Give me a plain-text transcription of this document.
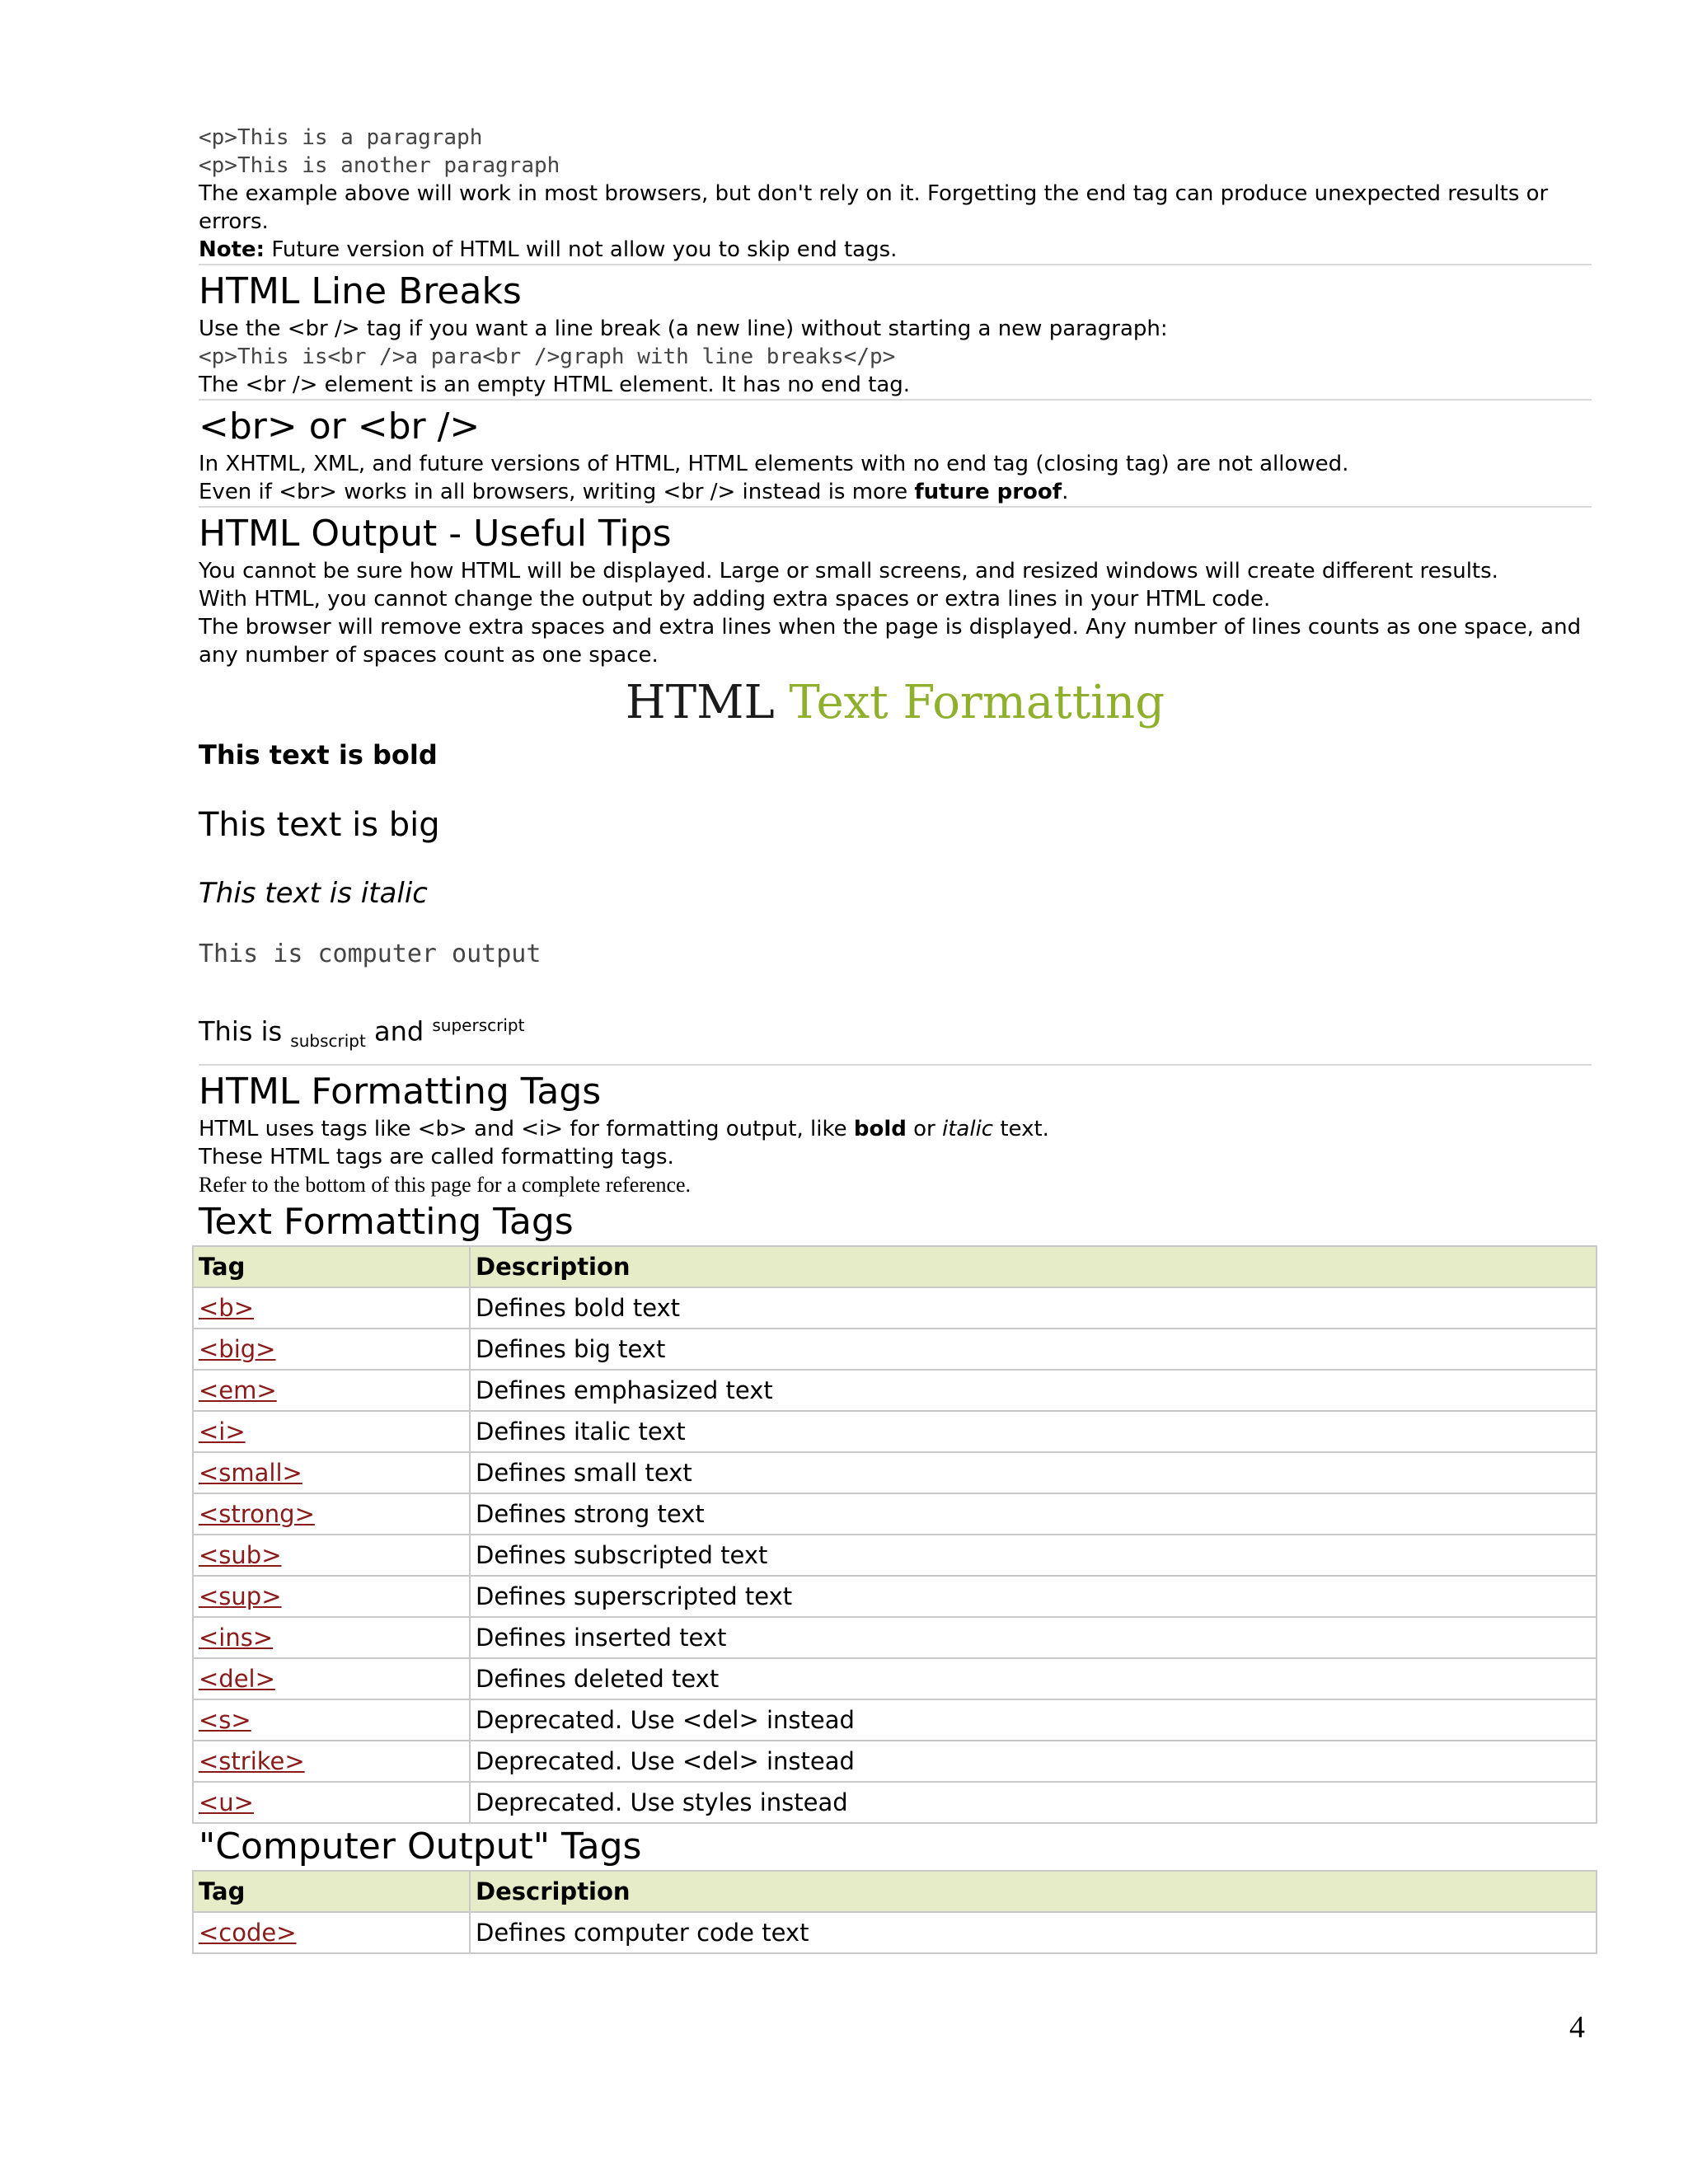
<p>This is a paragraph
<p>This is another paragraph
The example above will work in most browsers, but don't rely on it. Forgetting the end tag can produce unexpected results or errors.
Note: Future version of HTML will not allow you to skip end tags.
HTML Line Breaks
Use the <br /> tag if you want a line break (a new line) without starting a new paragraph:
<p>This is<br />a para<br />graph with line breaks</p>
The <br /> element is an empty HTML element. It has no end tag.
<br> or <br />
In XHTML, XML, and future versions of HTML, HTML elements with no end tag (closing tag) are not allowed.
Even if <br> works in all browsers, writing <br /> instead is more future proof.
HTML Output - Useful Tips
You cannot be sure how HTML will be displayed. Large or small screens, and resized windows will create different results.
With HTML, you cannot change the output by adding extra spaces or extra lines in your HTML code.
The browser will remove extra spaces and extra lines when the page is displayed. Any number of lines counts as one space, and any number of spaces count as one space.
HTML Text Formatting
This text is bold
This text is big
This text is italic
This is computer output
This is $_{subscript}$ and $^{superscript}$
HTML Formatting Tags
HTML uses tags like <b> and <i> for formatting output, like bold or italic text.
These HTML tags are called formatting tags.
Refer to the bottom of this page for a complete reference.
Text Formatting Tags
Tag	Description
<b>	Defines bold text
<big>	Defines big text
<em>	Defines emphasized text
<i>	Defines italic text
<small>	Defines small text
<strong>	Defines strong text
<sub>	Defines subscripted text
<sup>	Defines superscripted text
<ins>	Defines inserted text
<del>	Defines deleted text
<s>	Deprecated. Use <del> instead
<strike>	Deprecated. Use <del> instead
<u>	Deprecated. Use styles instead
"Computer Output" Tags
Tag	Description
<code>	Defines computer code text
4
